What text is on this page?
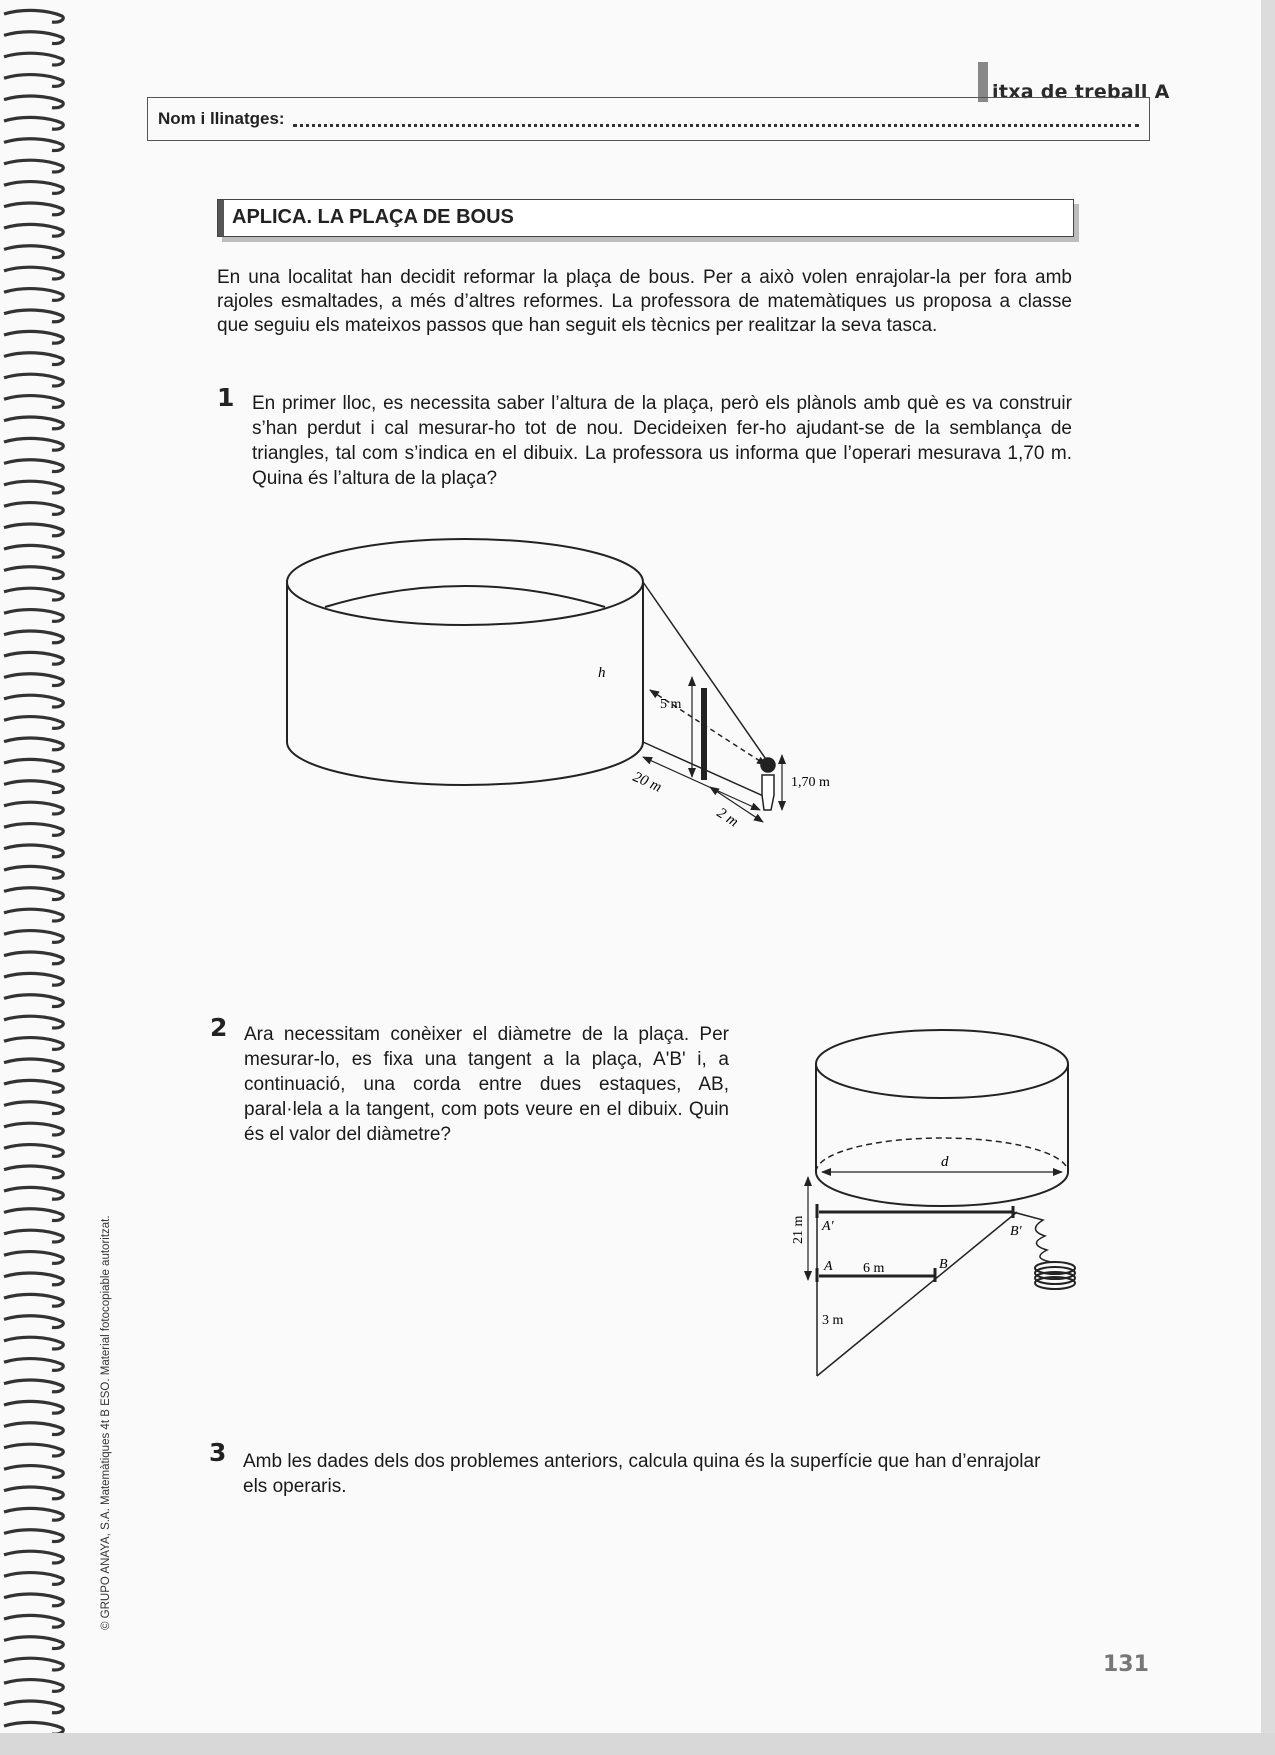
itxa de treball A
Nom i llinatges:
APLICA. LA PLAÇA DE BOUS

En una localitat han decidit reformar la plaça de bous. Per a això volen enrajolar-la per fora amb rajoles esmaltades, a més d’altres reformes. La professora de matemàtiques us proposa a classe que seguiu els mateixos passos que han seguit els tècnics per realitzar la seva tasca.

1 En primer lloc, es necessita saber l’altura de la plaça, però els plànols amb què es va construir s’han perdut i cal mesurar-ho tot de nou. Decideixen fer-ho ajudant-se de la semblança de triangles, tal com s’indica en el dibuix. La professora us informa que l’operari mesurava 1,70 m. Quina és l’altura de la plaça?

h
5 m
1,70 m
20 m
2 m
2 Ara necessitam conèixer el diàmetre de la plaça. Per mesurar-lo, es fixa una tangent a la plaça, A'B' i, a continuació, una corda entre dues estaques, AB, paral·lela a la tangent, com pots veure en el dibuix. Quin és el valor del diàmetre?

d
21 m A'	B'
A	B
6 m
3 m
3 Amb les dades dels dos problemes anteriors, calcula quina és la superfície que han d’enrajolar els operaris.

© GRUPO ANAYA, S.A. Matemàtiques 4t B ESO. Material fotocopiable autoritzat.
131
